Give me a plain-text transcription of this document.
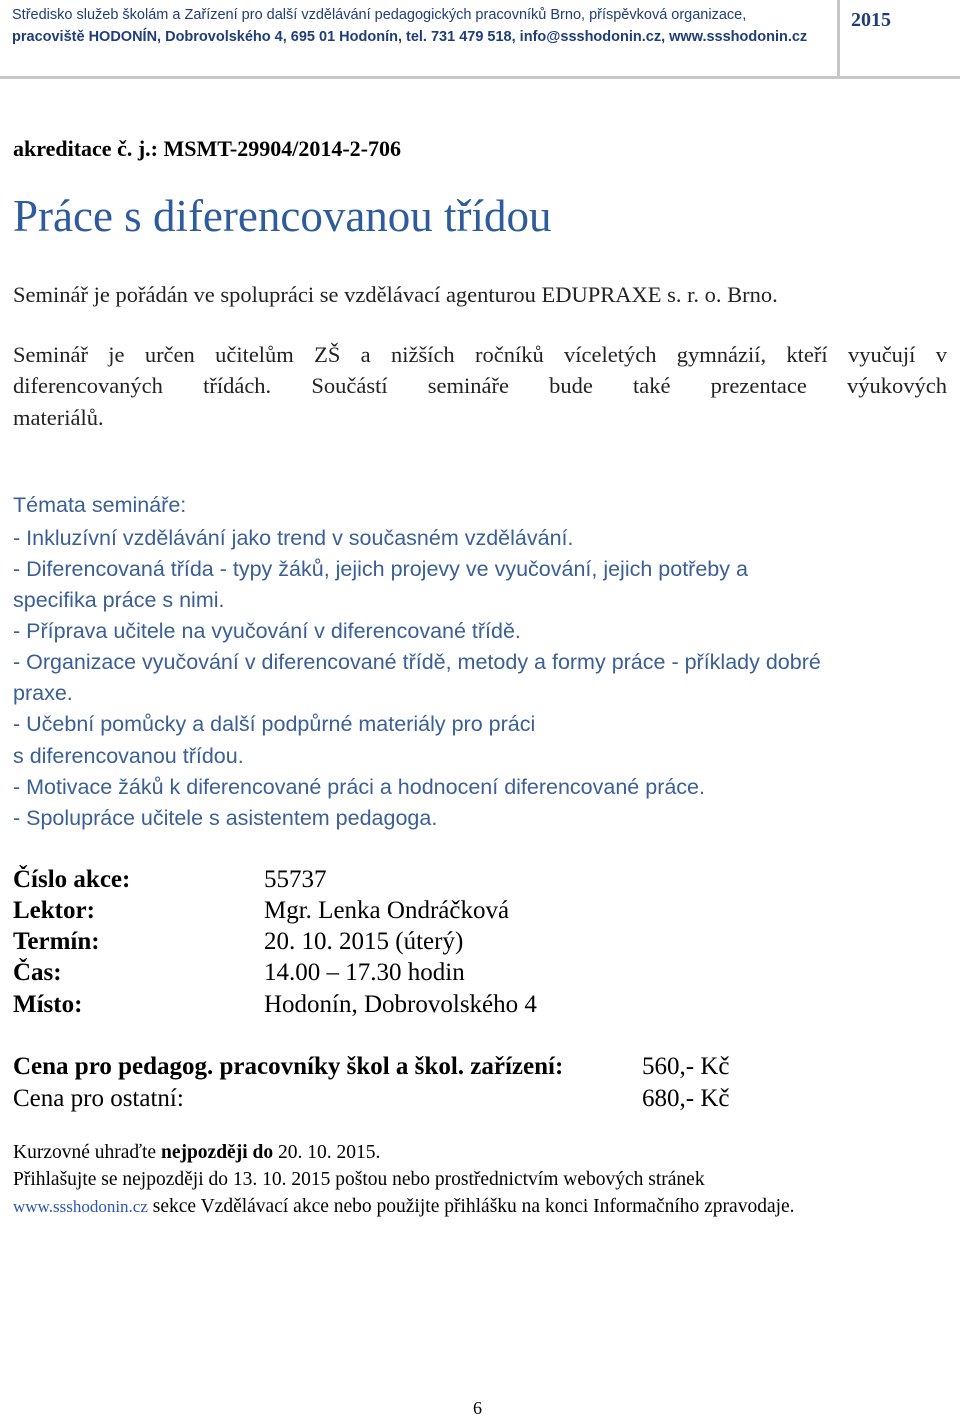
Středisko služeb školám a Zařízení pro další vzdělávání pedagogických pracovníků Brno, příspěvková organizace,
pracoviště HODONÍN, Dobrovolského 4, 695 01 Hodonín, tel. 731 479 518, info@ssshodonin.cz, www.ssshodonin.cz
2015
akreditace č. j.: MSMT-29904/2014-2-706
Práce s diferencovanou třídou
Seminář je pořádán ve spolupráci se vzdělávací agenturou EDUPRAXE s. r. o. Brno.
Seminář je určen učitelům ZŠ a nižších ročníků víceletých gymnázií, kteří vyučují v
diferencovaných třídách. Součástí semináře bude také prezentace výukových
materiálů.
Témata semináře:
- Inkluzívní vzdělávání jako trend v současném vzdělávání.
- Diferencovaná třída - typy žáků, jejich projevy ve vyučování, jejich potřeby a
specifika práce s nimi.
- Příprava učitele na vyučování v diferencované třídě.
- Organizace vyučování v diferencované třídě, metody a formy práce - příklady dobré
praxe.
- Učební pomůcky a další podpůrné materiály pro práci
s diferencovanou třídou.
- Motivace žáků k diferencované práci a hodnocení diferencované práce.
- Spolupráce učitele s asistentem pedagoga.
Číslo akce:	55737
Lektor:	Mgr. Lenka Ondráčková
Termín:	20. 10. 2015 (úterý)
Čas:	14.00 – 17.30 hodin
Místo:	Hodonín, Dobrovolského 4
Cena pro pedagog. pracovníky škol a škol. zařízení:	560,- Kč
Cena pro ostatní:	680,- Kč
Kurzovné uhraďte nejpozději do 20. 10. 2015.
Přihlašujte se nejpozději do 13. 10. 2015 poštou nebo prostřednictvím webových stránek
www.ssshodonin.cz sekce Vzdělávací akce nebo použijte přihlášku na konci Informačního zpravodaje.
6
